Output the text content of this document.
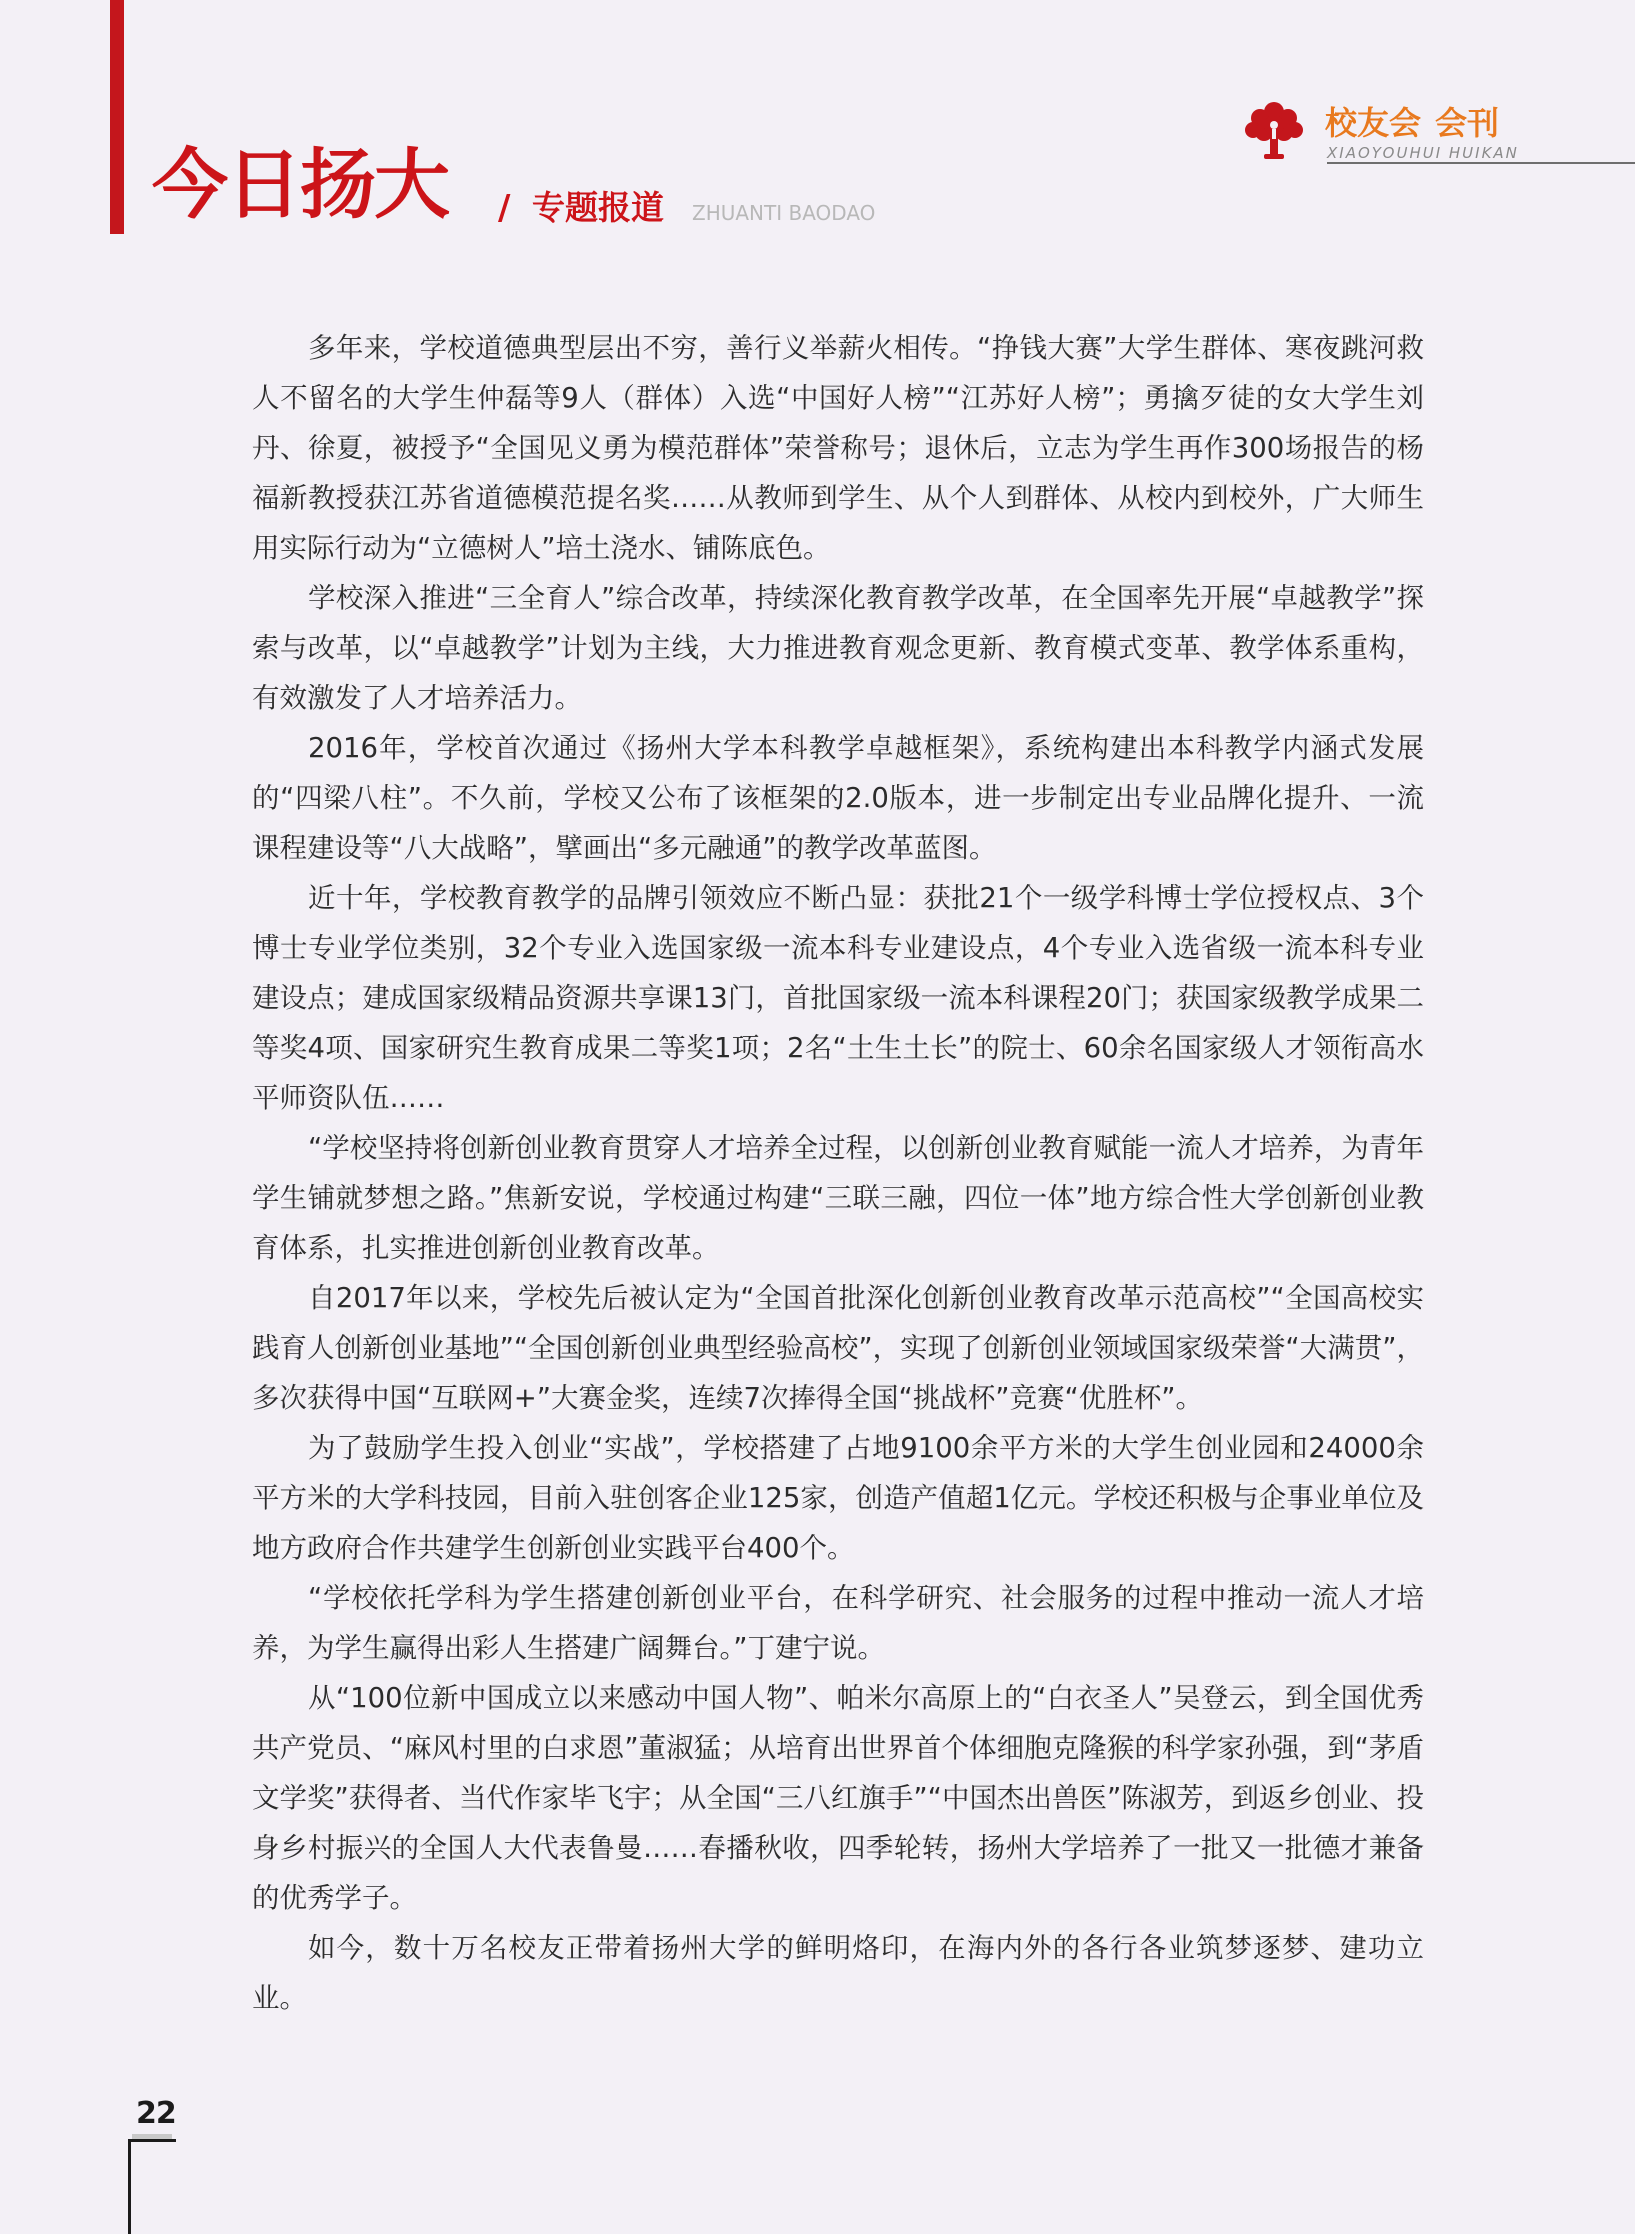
今日扬大 / 专题报道 ZHUANTI BAODAO
校友会 会刊
XIAOYOUHUI HUIKAN

多年来，学校道德典型层出不穷，善行义举薪火相传。“挣钱大赛”大学生群体、寒夜跳河救人不留名的大学生仲磊等9人（群体）入选“中国好人榜”“江苏好人榜”；勇擒歹徒的女大学生刘丹、徐夏，被授予“全国见义勇为模范群体”荣誉称号；退休后，立志为学生再作300场报告的杨福新教授获江苏省道德模范提名奖……从教师到学生、从个人到群体、从校内到校外，广大师生用实际行动为“立德树人”培土浇水、铺陈底色。

学校深入推进“三全育人”综合改革，持续深化教育教学改革，在全国率先开展“卓越教学”探索与改革，以“卓越教学”计划为主线，大力推进教育观念更新、教育模式变革、教学体系重构，有效激发了人才培养活力。

2016年，学校首次通过《扬州大学本科教学卓越框架》，系统构建出本科教学内涵式发展的“四梁八柱”。不久前，学校又公布了该框架的2.0版本，进一步制定出专业品牌化提升、一流课程建设等“八大战略”，擘画出“多元融通”的教学改革蓝图。

近十年，学校教育教学的品牌引领效应不断凸显：获批21个一级学科博士学位授权点、3个博士专业学位类别，32个专业入选国家级一流本科专业建设点，4个专业入选省级一流本科专业建设点；建成国家级精品资源共享课13门，首批国家级一流本科课程20门；获国家级教学成果二等奖4项、国家研究生教育成果二等奖1项；2名“土生土长”的院士、60余名国家级人才领衔高水平师资队伍……

“学校坚持将创新创业教育贯穿人才培养全过程，以创新创业教育赋能一流人才培养，为青年学生铺就梦想之路。”焦新安说，学校通过构建“三联三融，四位一体”地方综合性大学创新创业教育体系，扎实推进创新创业教育改革。

自2017年以来，学校先后被认定为“全国首批深化创新创业教育改革示范高校”“全国高校实践育人创新创业基地”“全国创新创业典型经验高校”，实现了创新创业领域国家级荣誉“大满贯”，多次获得中国“互联网+”大赛金奖，连续7次捧得全国“挑战杯”竞赛“优胜杯”。

为了鼓励学生投入创业“实战”，学校搭建了占地9100余平方米的大学生创业园和24000余平方米的大学科技园，目前入驻创客企业125家，创造产值超1亿元。学校还积极与企事业单位及地方政府合作共建学生创新创业实践平台400个。

“学校依托学科为学生搭建创新创业平台，在科学研究、社会服务的过程中推动一流人才培养，为学生赢得出彩人生搭建广阔舞台。”丁建宁说。

从“100位新中国成立以来感动中国人物”、帕米尔高原上的“白衣圣人”吴登云，到全国优秀共产党员、“麻风村里的白求恩”董淑猛；从培育出世界首个体细胞克隆猴的科学家孙强，到“茅盾文学奖”获得者、当代作家毕飞宇；从全国“三八红旗手”“中国杰出兽医”陈淑芳，到返乡创业、投身乡村振兴的全国人大代表鲁曼……春播秋收，四季轮转，扬州大学培养了一批又一批德才兼备的优秀学子。

如今，数十万名校友正带着扬州大学的鲜明烙印，在海内外的各行各业筑梦逐梦、建功立业。

22
